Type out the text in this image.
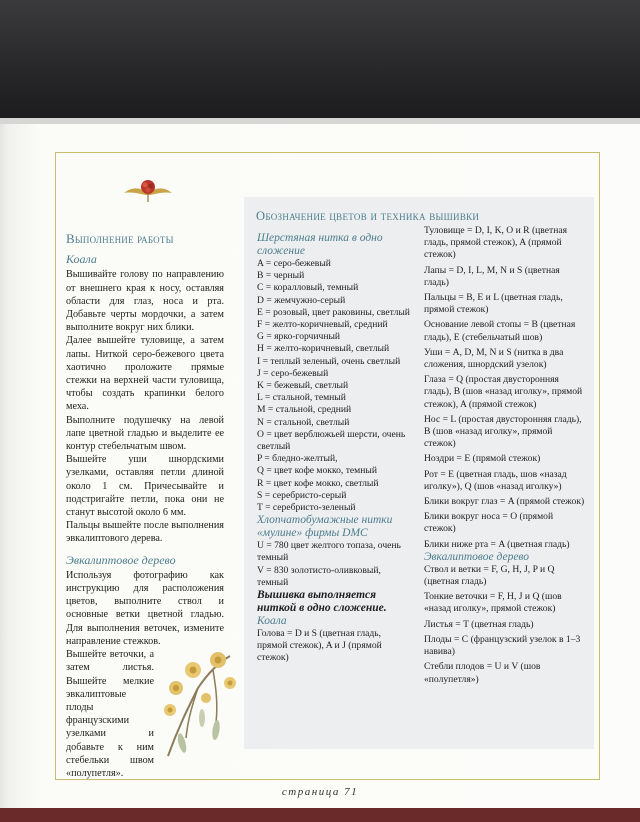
Выполнение работы
Коала

Вышивайте голову по направлению от внешнего края к носу, оставляя области для глаз, носа и рта. Добавьте черты мордочки, а затем выполните вокруг них блики.

Далее вышейте туловище, а затем лапы. Ниткой серо-бежевого цвета хаотично проложите прямые стежки на верхней части туловища, чтобы создать крапинки белого меха.

Выполните подушечку на левой лапе цветной гладью и выделите ее контур стебельчатым швом.

Вышейте уши шнордскими узелками, оставляя петли длиной около 1 см. Причесывайте и подстригайте петли, пока они не станут высотой около 6 мм.

Пальцы вышейте после выполнения эвкалиптового дерева.

Эвкалиптовое дерево

Используя фотографию как инструкцию для расположения цветов, выполните ствол и основные ветки цветной гладью. Для выполнения веточек, измените направление стежков.

Вышейте веточки, а затем листья. Вышейте мелкие эвкалиптовые плоды французскими узелками и добавьте к ним стебельки швом «полупетля».

Обозначение цветов и техника вышивки
Шерстяная нитка в одно сложение
A = серо-бежевый
B = черный
C = коралловый, темный
D = жемчужно-серый
E = розовый, цвет раковины, светлый
F = желто-коричневый, средний
G = ярко-горчичный
H = желто-коричневый, светлый
I = теплый зеленый, очень светлый
J = серо-бежевый
K = бежевый, светлый
L = стальной, темный
M = стальной, средний
N = стальной, светлый
O = цвет верблюжьей шерсти, очень светлый
P = бледно-желтый,
Q = цвет кофе мокко, темный
R = цвет кофе мокко, светлый
S = серебристо-серый
T = серебристо-зеленый
Хлопчатобумажные нитки «мулине» фирмы DMC
U = 780 цвет желтого топаза, очень темный
V = 830 золотисто-оливковый, темный
Вышивка выполняется ниткой в одно сложение.
Коала
Голова = D и S (цветная гладь, прямой стежок), A и J (прямой стежок)
Туловище = D, I, K, O и R (цветная гладь, прямой стежок), A (прямой стежок)
Лапы = D, I, L, M, N и S (цветная гладь)
Пальцы = B, E и L (цветная гладь, прямой стежок)
Основание левой стопы = B (цветная гладь), E (стебельчатый шов)
Уши = A, D, M, N и S (нитка в два сложения, шнордский узелок)
Глаза = Q (простая двусторонняя гладь), B (шов «назад иголку», прямой стежок), A (прямой стежок)
Нос = L (простая двусторонняя гладь), B (шов «назад иголку», прямой стежок)
Ноздри = E (прямой стежок)
Рот = E (цветная гладь, шов «назад иголку»), Q (шов «назад иголку»)
Блики вокруг глаз = A (прямой стежок)
Блики вокруг носа = O (прямой стежок)
Блики ниже рта = A (цветная гладь)
Эвкалиптовое дерево
Ствол и ветки = F, G, H, J, P и Q (цветная гладь)
Тонкие веточки = F, H, J и Q (шов «назад иголку», прямой стежок)
Листья = T (цветная гладь)
Плоды = C (французский узелок в 1–3 навива)
Стебли плодов = U и V (шов «полупетля»)
страница 71
